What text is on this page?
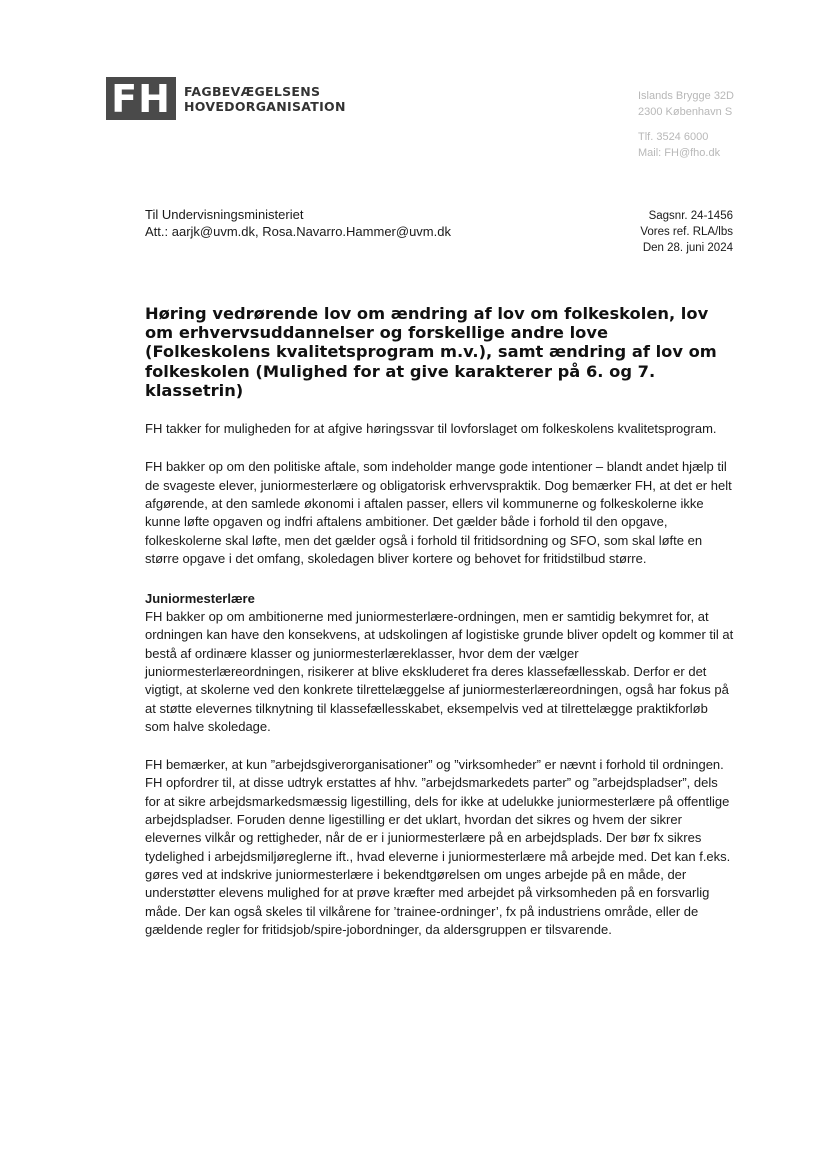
FH FAGBEVÆGELSENS
HOVEDORGANISATION
Islands Brygge 32D
2300 København S
Tlf. 3524 6000
Mail: FH@fho.dk
Til Undervisningsministeriet
Att.: aarjk@uvm.dk, Rosa.Navarro.Hammer@uvm.dk
Sagsnr. 24-1456
Vores ref. RLA/lbs
Den 28. juni 2024
Høring vedrørende lov om ændring af lov om folkeskolen, lov om erhvervsuddannelser og forskellige andre love (Folkeskolens kvalitetsprogram m.v.), samt ændring af lov om folkeskolen (Mulighed for at give karakterer på 6. og 7. klassetrin)

FH takker for muligheden for at afgive høringssvar til lovforslaget om folkeskolens kvalitetsprogram.

FH bakker op om den politiske aftale, som indeholder mange gode intentioner – blandt andet hjælp til de svageste elever, juniormesterlære og obligatorisk erhvervspraktik. Dog bemærker FH, at det er helt afgørende, at den samlede økonomi i aftalen passer, ellers vil kommunerne og folkeskolerne ikke kunne løfte opgaven og indfri aftalens ambitioner. Det gælder både i forhold til den opgave, folkeskolerne skal løfte, men det gælder også i forhold til fritidsordning og SFO, som skal løfte en større opgave i det omfang, skoledagen bliver kortere og behovet for fritidstilbud større.

Juniormesterlære

FH bakker op om ambitionerne med juniormesterlære-ordningen, men er samtidig bekymret for, at ordningen kan have den konsekvens, at udskolingen af logistiske grunde bliver opdelt og kommer til at bestå af ordinære klasser og juniormesterlæreklasser, hvor dem der vælger juniormesterlæreordningen, risikerer at blive ekskluderet fra deres klassefællesskab. Derfor er det vigtigt, at skolerne ved den konkrete tilrettelæggelse af juniormesterlæreordningen, også har fokus på at støtte elevernes tilknytning til klassefællesskabet, eksempelvis ved at tilrettelægge praktikforløb som halve skoledage.

FH bemærker, at kun ”arbejdsgiverorganisationer” og ”virksomheder” er nævnt i forhold til ordningen. FH opfordrer til, at disse udtryk erstattes af hhv. ”arbejdsmarkedets parter” og ”arbejdspladser”, dels for at sikre arbejdsmarkedsmæssig ligestilling, dels for ikke at udelukke juniormesterlære på offentlige arbejdspladser. Foruden denne ligestilling er det uklart, hvordan det sikres og hvem der sikrer elevernes vilkår og rettigheder, når de er i juniormesterlære på en arbejdsplads. Der bør fx sikres tydelighed i arbejdsmiljøreglerne ift., hvad eleverne i juniormesterlære må arbejde med. Det kan f.eks. gøres ved at indskrive juniormesterlære i bekendtgørelsen om unges arbejde på en måde, der understøtter elevens mulighed for at prøve kræfter med arbejdet på virksomheden på en forsvarlig måde. Der kan også skeles til vilkårene for ’trainee-ordninger’, fx på industriens område, eller de gældende regler for fritidsjob/spire-jobordninger, da aldersgruppen er tilsvarende.
